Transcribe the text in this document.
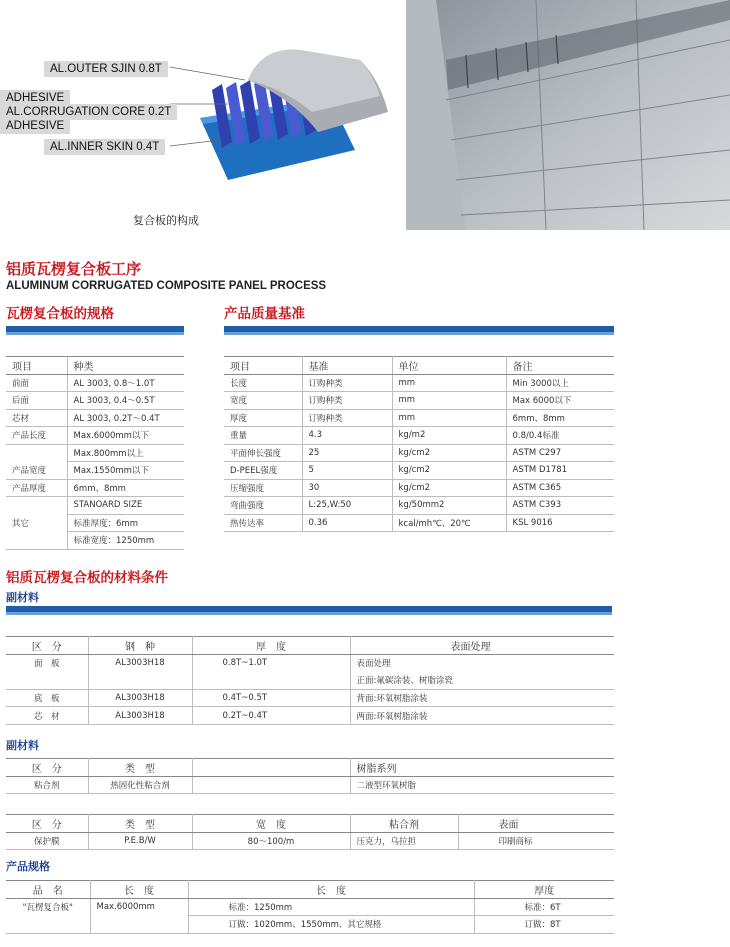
AL.OUTER SJIN 0.8T
ADHESIVE
AL.CORRUGATION CORE 0.2T
ADHESIVE
AL.INNER SKIN 0.4T
复合板的构成
铝质瓦楞复合板工序
ALUMINUM CORRUGATED COMPOSITE PANEL PROCESS
瓦楞复合板的规格
项目	种类
前面	AL 3003, 0.8～1.0T
后面	AL 3003, 0.4～0.5T
芯材	AL 3003, 0.2T～0.4T
产品长度	Max.6000mm以下
	Max.800mm以上
产品宽度	Max.1550mm以下
产品厚度	6mm、8mm
	STANOARD SIZE
其它	标准厚度：6mm
	标准宽度：1250mm
产品质量基准
项目	基准	单位	备注
长度	订购种类	mm	Min 3000以上
宽度	订购种类	mm	Max 6000以下
厚度	订购种类	mm	6mm、8mm
重量	4.3	kg/m2	0.8/0.4标准
平面伸长强度	25	kg/cm2	ASTM C297
D-PEEL强度	5	kg/cm2	ASTM D1781
压缩强度	30	kg/cm2	ASTM C365
弯曲强度	L:25,W:50	kg/50mm2	ASTM C393
热传达率	0.36	kcal/mh℃、20℃	KSL 9016
铝质瓦楞复合板的材料条件
副材料
区　分	钢　种	厚　度	表面处理
面　板	AL3003H18	0.8T~1.0T	表面处理
			正面:氟碳涂装、树脂涂瓷
底　板	AL3003H18	0.4T~0.5T	背面:环氧树脂涂装
芯　材	AL3003H18	0.2T~0.4T	两面:环氧树脂涂装
副材料
区　分	类　型		树脂系列
粘合剂	热固化性粘合剂		二液型环氧树脂
区　分	类　型	宽　度	粘合剂	表面
保护膜	P.E.B/W	80～100/m	压克力，乌拉担	印刷商标
产品规格
品　名	长　度	长　度	厚度
"瓦楞复合板"	Max.6000mm	标准：1250mm	标准：6T
		订做：1020mm、1550mm、其它规格	订做：8T
